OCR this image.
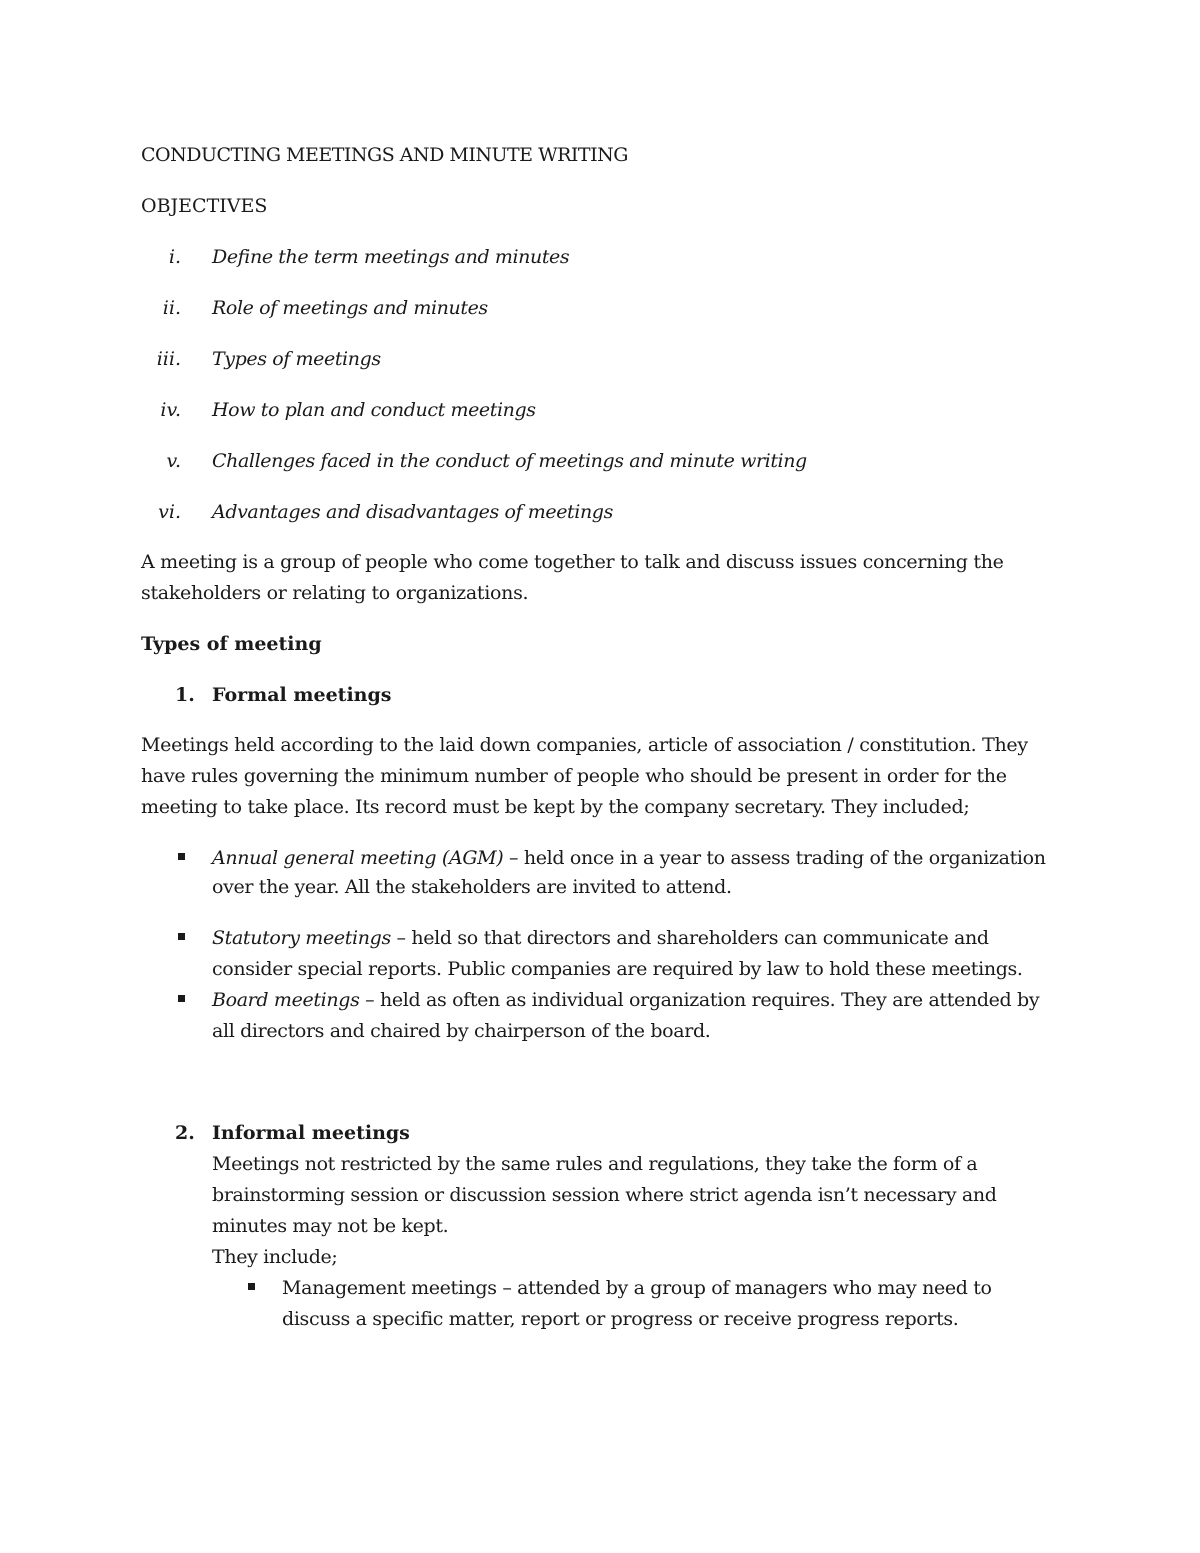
CONDUCTING MEETINGS AND MINUTE WRITING
OBJECTIVES
i. Define the term meetings and minutes
ii. Role of meetings and minutes
iii. Types of meetings
iv. How to plan and conduct meetings
v. Challenges faced in the conduct of meetings and minute writing
vi. Advantages and disadvantages of meetings
A meeting is a group of people who come together to talk and discuss issues concerning the
stakeholders or relating to organizations.
Types of meeting
1. Formal meetings
Meetings held according to the laid down companies, article of association / constitution. They
have rules governing the minimum number of people who should be present in order for the
meeting to take place. Its record must be kept by the company secretary. They included;
Annual general meeting (AGM) – held once in a year to assess trading of the organization
over the year. All the stakeholders are invited to attend.
Statutory meetings – held so that directors and shareholders can communicate and
consider special reports. Public companies are required by law to hold these meetings.
Board meetings – held as often as individual organization requires. They are attended by
all directors and chaired by chairperson of the board.
2. Informal meetings
Meetings not restricted by the same rules and regulations, they take the form of a
brainstorming session or discussion session where strict agenda isn’t necessary and
minutes may not be kept.
They include;
Management meetings – attended by a group of managers who may need to
discuss a specific matter, report or progress or receive progress reports.
